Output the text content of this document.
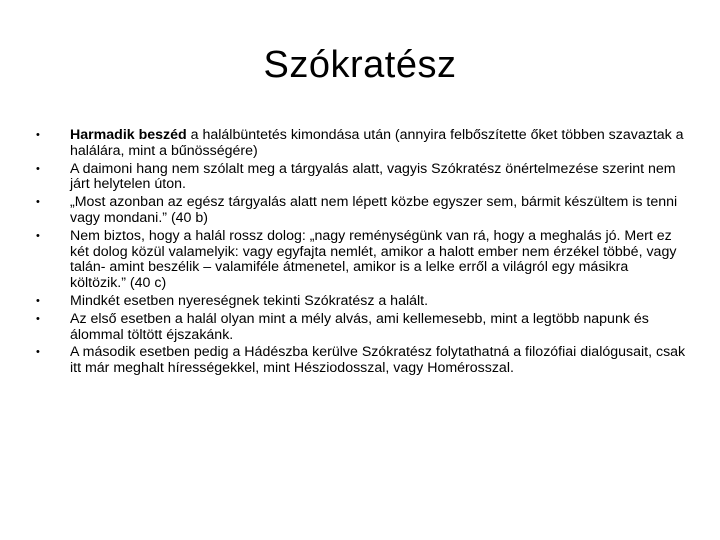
Szókratész
• Harmadik beszéd a halálbüntetés kimondása után (annyira felbőszítette őket többen szavaztak a halálára, mint a bűnösségére)
• A daimoni hang nem szólalt meg a tárgyalás alatt, vagyis Szókratész önértelmezése szerint nem járt helytelen úton.
• „Most azonban az egész tárgyalás alatt nem lépett közbe egyszer sem, bármit készültem is tenni vagy mondani.” (40 b)
• Nem biztos, hogy a halál rossz dolog: „nagy reménységünk van rá, hogy a meghalás jó. Mert ez két dolog közül valamelyik: vagy egyfajta nemlét, amikor a halott ember nem érzékel többé, vagy talán- amint beszélik – valamiféle átmenetel, amikor is a lelke erről a világról egy másikra költözik.” (40 c)
• Mindkét esetben nyereségnek tekinti Szókratész a halált.
• Az első esetben a halál olyan mint a mély alvás, ami kellemesebb, mint a legtöbb napunk és álommal töltött éjszakánk.
• A második esetben pedig a Hádészba kerülve Szókratész folytathatná a filozófiai dialógusait, csak itt már meghalt hírességekkel, mint Hésziodosszal, vagy Homérosszal.
